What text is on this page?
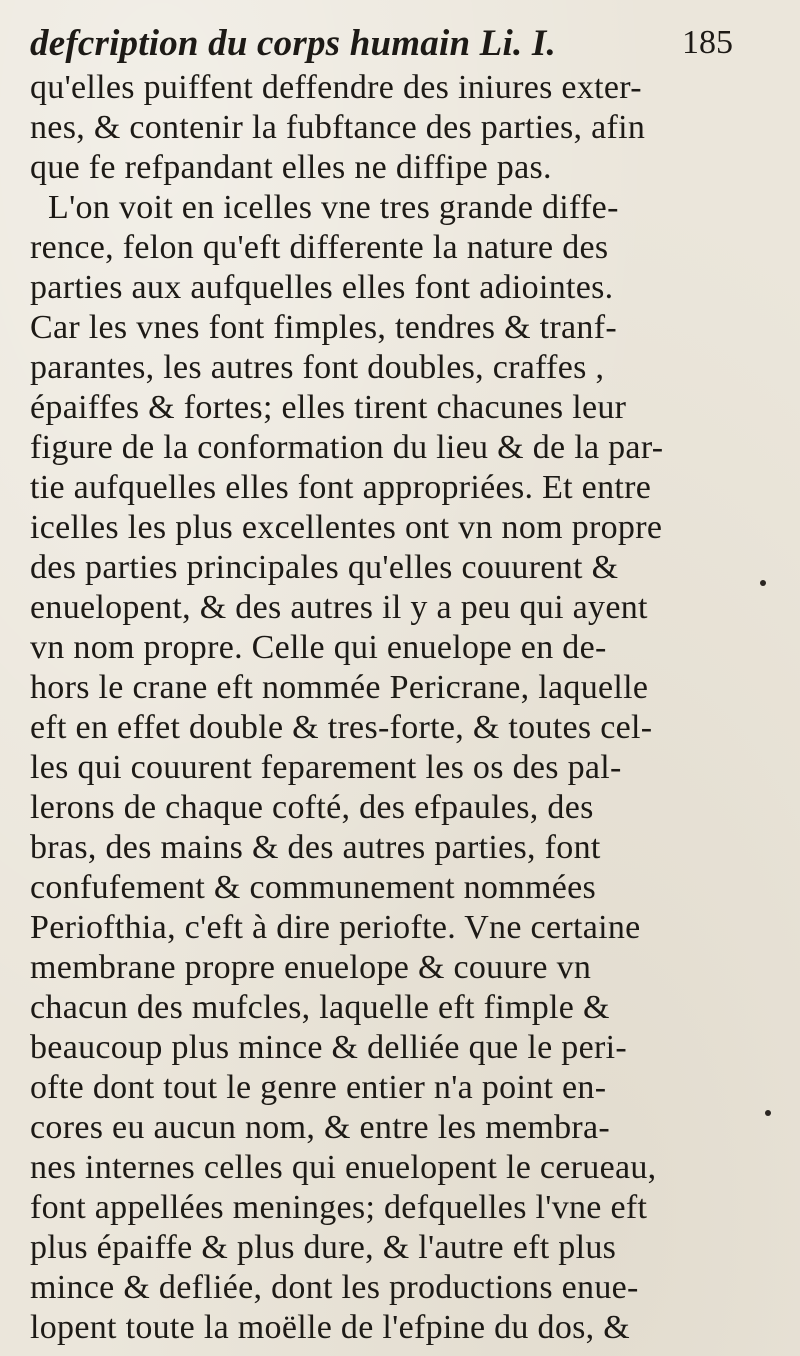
defcription du corps humain Li. I.	185
qu'elles puiffent deffendre des iniures exter-
nes, & contenir la fubftance des parties, afin
que fe refpandant elles ne diffipe pas.
L'on voit en icelles vne tres grande diffe-
rence, felon qu'eft differente la nature des
parties aux aufquelles elles font adiointes.
Car les vnes font fimples, tendres & tranf-
parantes, les autres font doubles, craffes ,
épaiffes & fortes; elles tirent chacunes leur
figure de la conformation du lieu & de la par-
tie aufquelles elles font appropriées. Et entre
icelles les plus excellentes ont vn nom propre
des parties principales qu'elles couurent &
enuelopent, & des autres il y a peu qui ayent
vn nom propre. Celle qui enuelope en de-
hors le crane eft nommée Pericrane, laquelle
eft en effet double & tres-forte, & toutes cel-
les qui couurent feparement les os des pal-
lerons de chaque cofté, des efpaules, des
bras, des mains & des autres parties, font
confufement & communement nommées
Periofthia, c'eft à dire periofte. Vne certaine
membrane propre enuelope & couure vn
chacun des mufcles, laquelle eft fimple &
beaucoup plus mince & delliée que le peri-
ofte dont tout le genre entier n'a point en-
cores eu aucun nom, & entre les membra-
nes internes celles qui enuelopent le cerueau,
font appellées meninges; defquelles l'vne eft
plus épaiffe & plus dure, & l'autre eft plus
mince & defliée, dont les productions enue-
lopent toute la moëlle de l'efpine du dos, &
